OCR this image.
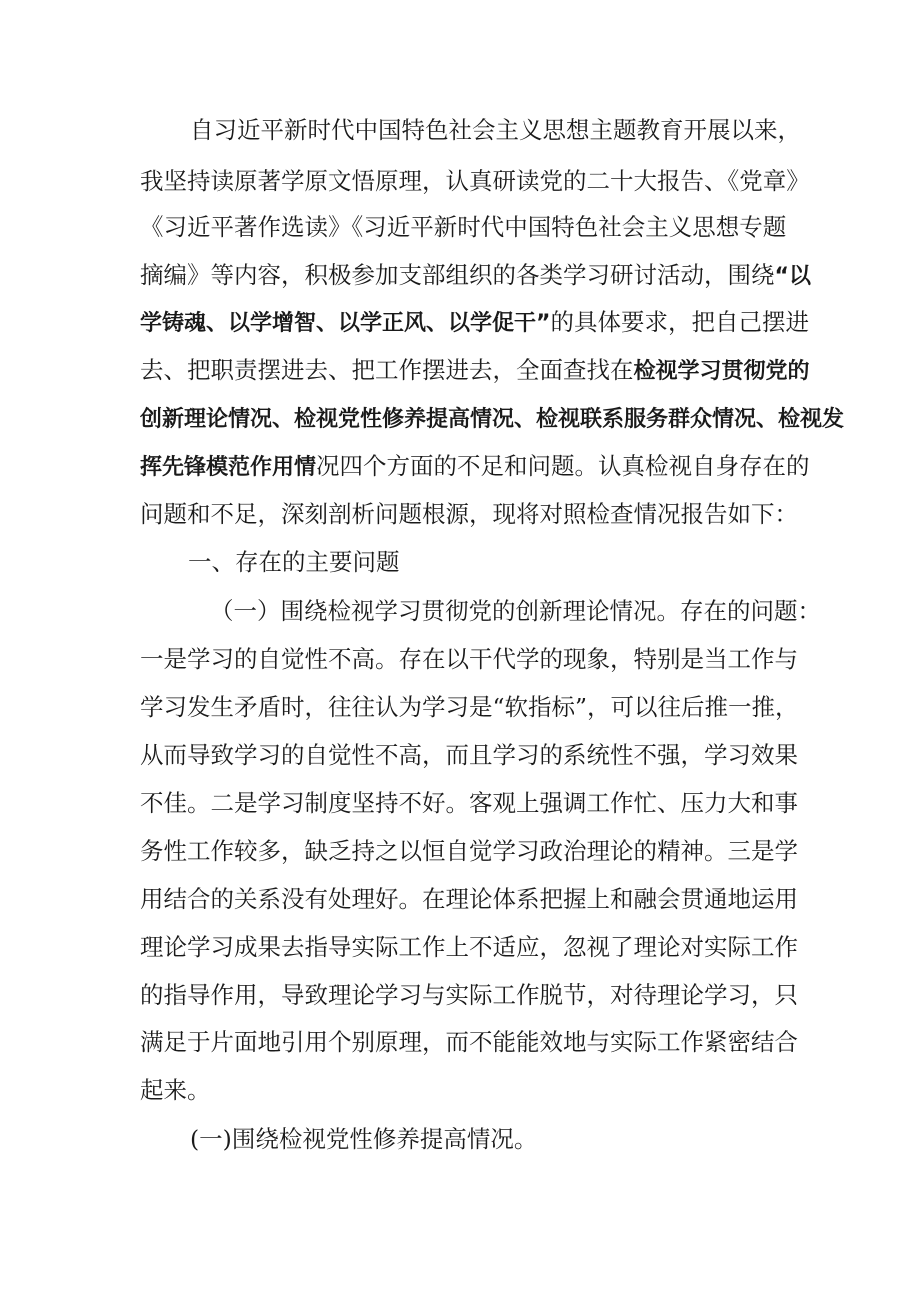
自习近平新时代中国特色社会主义思想主题教育开展以来，
我坚持读原著学原文悟原理，认真研读党的二十大报告、《党章》
《习近平著作选读》《习近平新时代中国特色社会主义思想专题
摘编》等内容，积极参加支部组织的各类学习研讨活动，围绕“以
学铸魂、以学增智、以学正风、以学促干”的具体要求，把自己摆进
去、把职责摆进去、把工作摆进去，全面查找在检视学习贯彻党的
创新理论情况、检视党性修养提高情况、检视联系服务群众情况、检视发
挥先锋模范作用情况四个方面的不足和问题。认真检视自身存在的
问题和不足，深刻剖析问题根源，现将对照检查情况报告如下：
一、存在的主要问题
（一）围绕检视学习贯彻党的创新理论情况。存在的问题：
一是学习的自觉性不高。存在以干代学的现象，特别是当工作与
学习发生矛盾时，往往认为学习是“软指标”，可以往后推一推，
从而导致学习的自觉性不高，而且学习的系统性不强，学习效果
不佳。二是学习制度坚持不好。客观上强调工作忙、压力大和事
务性工作较多，缺乏持之以恒自觉学习政治理论的精神。三是学
用结合的关系没有处理好。在理论体系把握上和融会贯通地运用
理论学习成果去指导实际工作上不适应，忽视了理论对实际工作
的指导作用，导致理论学习与实际工作脱节，对待理论学习，只
满足于片面地引用个别原理，而不能能效地与实际工作紧密结合
起来。
(一)围绕检视党性修养提高情况。
